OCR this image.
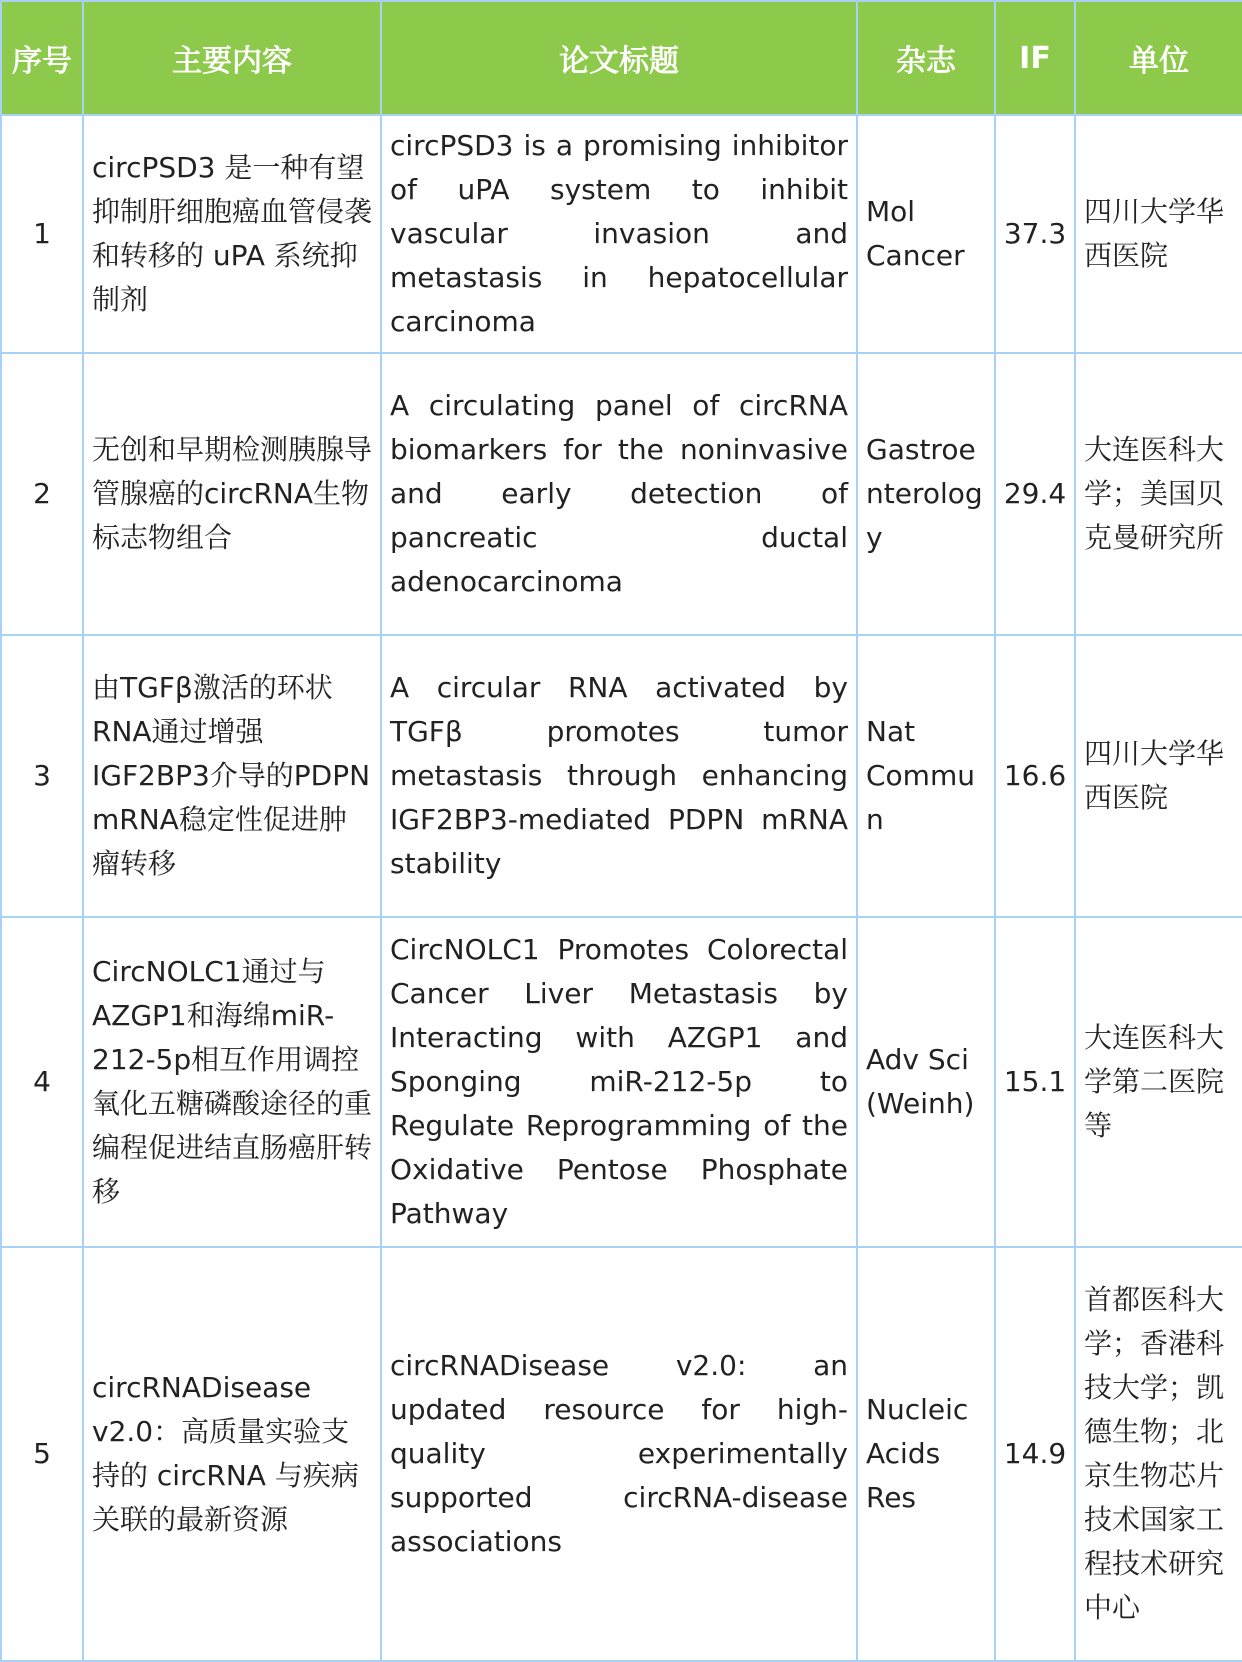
序号	主要内容	论文标题	杂志	IF	单位
1	circPSD3 是一种有望抑制肝细胞癌血管侵袭和转移的 uPA 系统抑制剂	circPSD3 is a promising inhibitor of uPA system to inhibit vascular invasion and metastasis in hepatocellular carcinoma	Mol Cancer	37.3	四川大学华西医院
2	无创和早期检测胰腺导管腺癌的circRNA生物标志物组合	A circulating panel of circRNA biomarkers for the noninvasive and early detection of pancreatic ductal adenocarcinoma	Gastroenterology	29.4	大连医科大学；美国贝克曼研究所
3	由TGFβ激活的环状RNA通过增强IGF2BP3介导的PDPN mRNA稳定性促进肿瘤转移	A circular RNA activated by TGFβ promotes tumor metastasis through enhancing IGF2BP3-mediated PDPN mRNA stability	Nat Commun	16.6	四川大学华西医院
4	CircNOLC1通过与AZGP1和海绵miR-212-5p相互作用调控氧化五糖磷酸途径的重编程促进结直肠癌肝转移	CircNOLC1 Promotes Colorectal Cancer Liver Metastasis by Interacting with AZGP1 and Sponging miR-212-5p to Regulate Reprogramming of the Oxidative Pentose Phosphate Pathway	Adv Sci (Weinh)	15.1	大连医科大学第二医院等
5	circRNADisease v2.0：高质量实验支持的 circRNA 与疾病关联的最新资源	circRNADisease v2.0: an updated resource for high-quality experimentally supported circRNA-disease associations	Nucleic Acids Res	14.9	首都医科大学；香港科技大学；凯德生物；北京生物芯片技术国家工程技术研究中心
